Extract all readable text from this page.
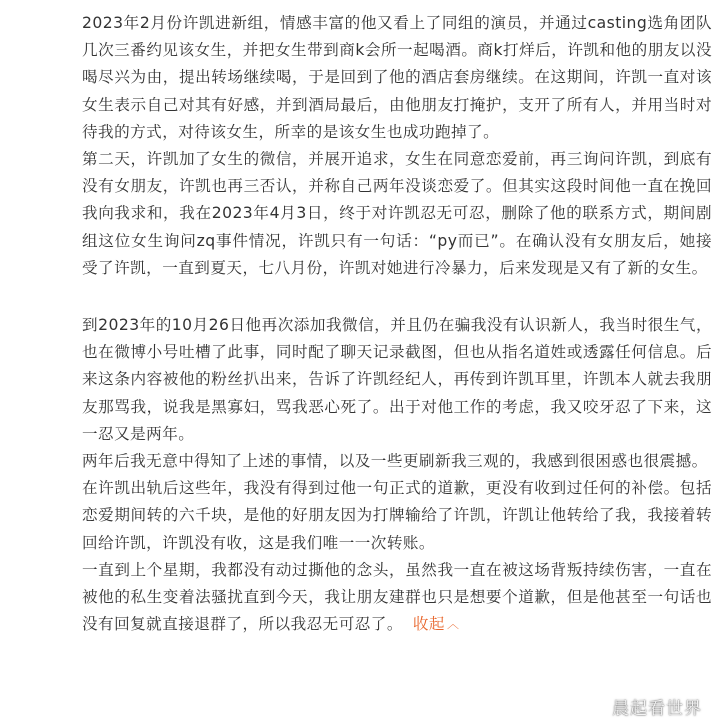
2023年2月份许凯进新组，情感丰富的他又看上了同组的演员，并通过casting选角团队几次三番约见该女生，并把女生带到商k会所一起喝酒。商k打烊后，许凯和他的朋友以没喝尽兴为由，提出转场继续喝，于是回到了他的酒店套房继续。在这期间，许凯一直对该女生表示自己对其有好感，并到酒局最后，由他朋友打掩护，支开了所有人，并用当时对待我的方式，对待该女生，所幸的是该女生也成功跑掉了。

第二天，许凯加了女生的微信，并展开追求，女生在同意恋爱前，再三询问许凯，到底有没有女朋友，许凯也再三否认，并称自己两年没谈恋爱了。但其实这段时间他一直在挽回我向我求和，我在2023年4月3日，终于对许凯忍无可忍，删除了他的联系方式，期间剧组这位女生询问zq事件情况，许凯只有一句话：“py而已”。在确认没有女朋友后，她接受了许凯，一直到夏天，七八月份，许凯对她进行冷暴力，后来发现是又有了新的女生。

到2023年的10月26日他再次添加我微信，并且仍在骗我没有认识新人，我当时很生气，也在微博小号吐槽了此事，同时配了聊天记录截图，但也从指名道姓或透露任何信息。后来这条内容被他的粉丝扒出来，告诉了许凯经纪人，再传到许凯耳里，许凯本人就去我朋友那骂我，说我是黑寡妇，骂我恶心死了。出于对他工作的考虑，我又咬牙忍了下来，这一忍又是两年。

两年后我无意中得知了上述的事情，以及一些更刷新我三观的，我感到很困惑也很震撼。

在许凯出轨后这些年，我没有得到过他一句正式的道歉，更没有收到过任何的补偿。包括恋爱期间转的六千块，是他的好朋友因为打牌输给了许凯，许凯让他转给了我，我接着转回给许凯，许凯没有收，这是我们唯一一次转账。

一直到上个星期，我都没有动过撕他的念头，虽然我一直在被这场背叛持续伤害，一直在被他的私生变着法骚扰直到今天，我让朋友建群也只是想要个道歉，但是他甚至一句话也没有回复就直接退群了，所以我忍无可忍了。 收起 ︿

晨起看世界
